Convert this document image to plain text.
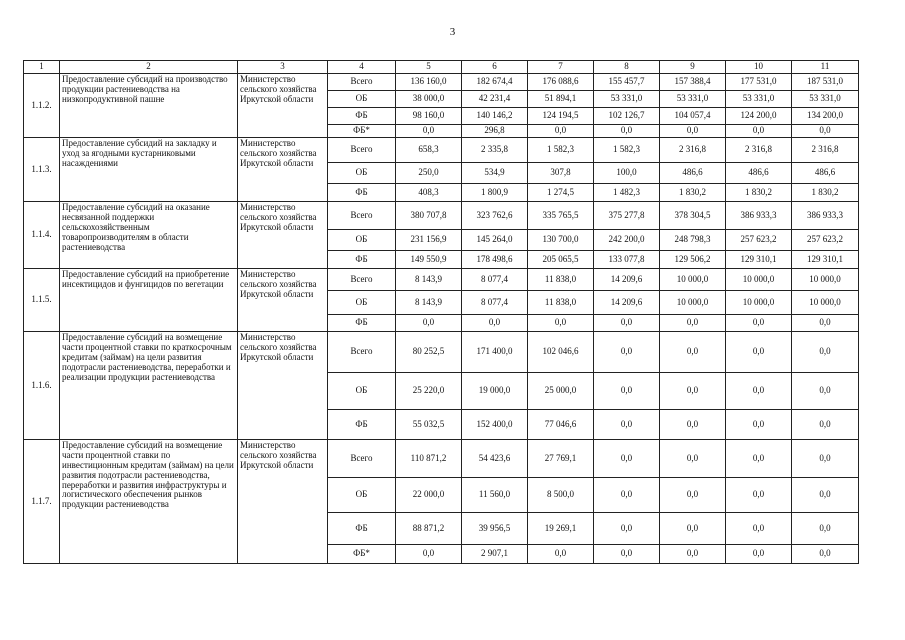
3
1	2	3	4	5	6	7	8	9	10	11
1.1.2.	Предоставление субсидий на производство продукции растениеводства на низкопродуктивной пашне	Министерство сельского хозяйства Иркутской области	Всего	136 160,0	182 674,4	176 088,6	155 457,7	157 388,4	177 531,0	187 531,0
			ОБ	38 000,0	42 231,4	51 894,1	53 331,0	53 331,0	53 331,0	53 331,0
			ФБ	98 160,0	140 146,2	124 194,5	102 126,7	104 057,4	124 200,0	134 200,0
			ФБ*	0,0	296,8	0,0	0,0	0,0	0,0	0,0
1.1.3.	Предоставление субсидий на закладку и уход за ягодными кустарниковыми насаждениями	Министерство сельского хозяйства Иркутской области	Всего	658,3	2 335,8	1 582,3	1 582,3	2 316,8	2 316,8	2 316,8
			ОБ	250,0	534,9	307,8	100,0	486,6	486,6	486,6
			ФБ	408,3	1 800,9	1 274,5	1 482,3	1 830,2	1 830,2	1 830,2
1.1.4.	Предоставление субсидий на оказание несвязанной поддержки сельскохозяйственным товаропроизводителям в области растениеводства	Министерство сельского хозяйства Иркутской области	Всего	380 707,8	323 762,6	335 765,5	375 277,8	378 304,5	386 933,3	386 933,3
			ОБ	231 156,9	145 264,0	130 700,0	242 200,0	248 798,3	257 623,2	257 623,2
			ФБ	149 550,9	178 498,6	205 065,5	133 077,8	129 506,2	129 310,1	129 310,1
1.1.5.	Предоставление субсидий на приобретение инсектицидов и фунгицидов по вегетации	Министерство сельского хозяйства Иркутской области	Всего	8 143,9	8 077,4	11 838,0	14 209,6	10 000,0	10 000,0	10 000,0
			ОБ	8 143,9	8 077,4	11 838,0	14 209,6	10 000,0	10 000,0	10 000,0
			ФБ	0,0	0,0	0,0	0,0	0,0	0,0	0,0
1.1.6.	Предоставление субсидий на возмещение части процентной ставки по краткосрочным кредитам (займам) на цели развития подотрасли растениеводства, переработки и реализации продукции растениеводства	Министерство сельского хозяйства Иркутской области	Всего	80 252,5	171 400,0	102 046,6	0,0	0,0	0,0	0,0
			ОБ	25 220,0	19 000,0	25 000,0	0,0	0,0	0,0	0,0
			ФБ	55 032,5	152 400,0	77 046,6	0,0	0,0	0,0	0,0
1.1.7.	Предоставление субсидий на возмещение части процентной ставки по инвестиционным кредитам (займам) на цели развития подотрасли растениеводства, переработки и развития инфраструктуры и логистического обеспечения рынков продукции растениеводства	Министерство сельского хозяйства Иркутской области	Всего	110 871,2	54 423,6	27 769,1	0,0	0,0	0,0	0,0
			ОБ	22 000,0	11 560,0	8 500,0	0,0	0,0	0,0	0,0
			ФБ	88 871,2	39 956,5	19 269,1	0,0	0,0	0,0	0,0
			ФБ*	0,0	2 907,1	0,0	0,0	0,0	0,0	0,0
